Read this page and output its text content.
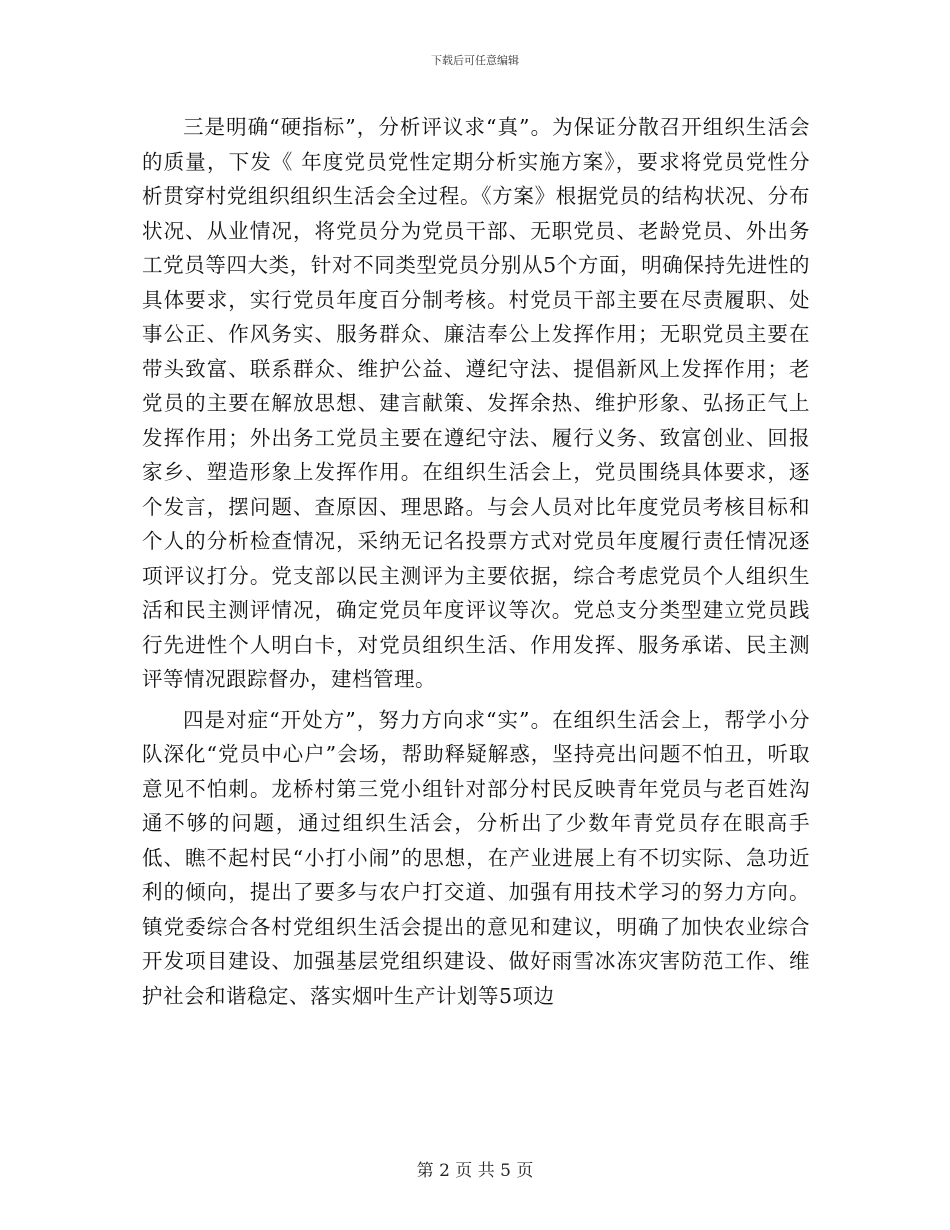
下载后可任意编辑

三是明确“硬指标”，分析评议求“真”。为保证分散召开组织生活会的质量，下发《 年度党员党性定期分析实施方案》，要求将党员党性分析贯穿村党组织组织生活会全过程。《方案》根据党员的结构状况、分布状况、从业情况，将党员分为党员干部、无职党员、老龄党员、外出务工党员等四大类，针对不同类型党员分别从5个方面，明确保持先进性的具体要求，实行党员年度百分制考核。村党员干部主要在尽责履职、处事公正、作风务实、服务群众、廉洁奉公上发挥作用；无职党员主要在带头致富、联系群众、维护公益、遵纪守法、提倡新风上发挥作用；老党员的主要在解放思想、建言献策、发挥余热、维护形象、弘扬正气上发挥作用；外出务工党员主要在遵纪守法、履行义务、致富创业、回报家乡、塑造形象上发挥作用。在组织生活会上，党员围绕具体要求，逐个发言，摆问题、查原因、理思路。与会人员对比年度党员考核目标和个人的分析检查情况，采纳无记名投票方式对党员年度履行责任情况逐项评议打分。党支部以民主测评为主要依据，综合考虑党员个人组织生活和民主测评情况，确定党员年度评议等次。党总支分类型建立党员践行先进性个人明白卡，对党员组织生活、作用发挥、服务承诺、民主测评等情况跟踪督办，建档管理。

四是对症“开处方”，努力方向求“实”。在组织生活会上，帮学小分队深化“党员中心户”会场，帮助释疑解惑，坚持亮出问题不怕丑，听取意见不怕刺。龙桥村第三党小组针对部分村民反映青年党员与老百姓沟通不够的问题，通过组织生活会，分析出了少数年青党员存在眼高手低、瞧不起村民“小打小闹”的思想，在产业进展上有不切实际、急功近利的倾向，提出了要多与农户打交道、加强有用技术学习的努力方向。镇党委综合各村党组织生活会提出的意见和建议，明确了加快农业综合开发项目建设、加强基层党组织建设、做好雨雪冰冻灾害防范工作、维护社会和谐稳定、落实烟叶生产计划等5项边

第 2 页 共 5 页
